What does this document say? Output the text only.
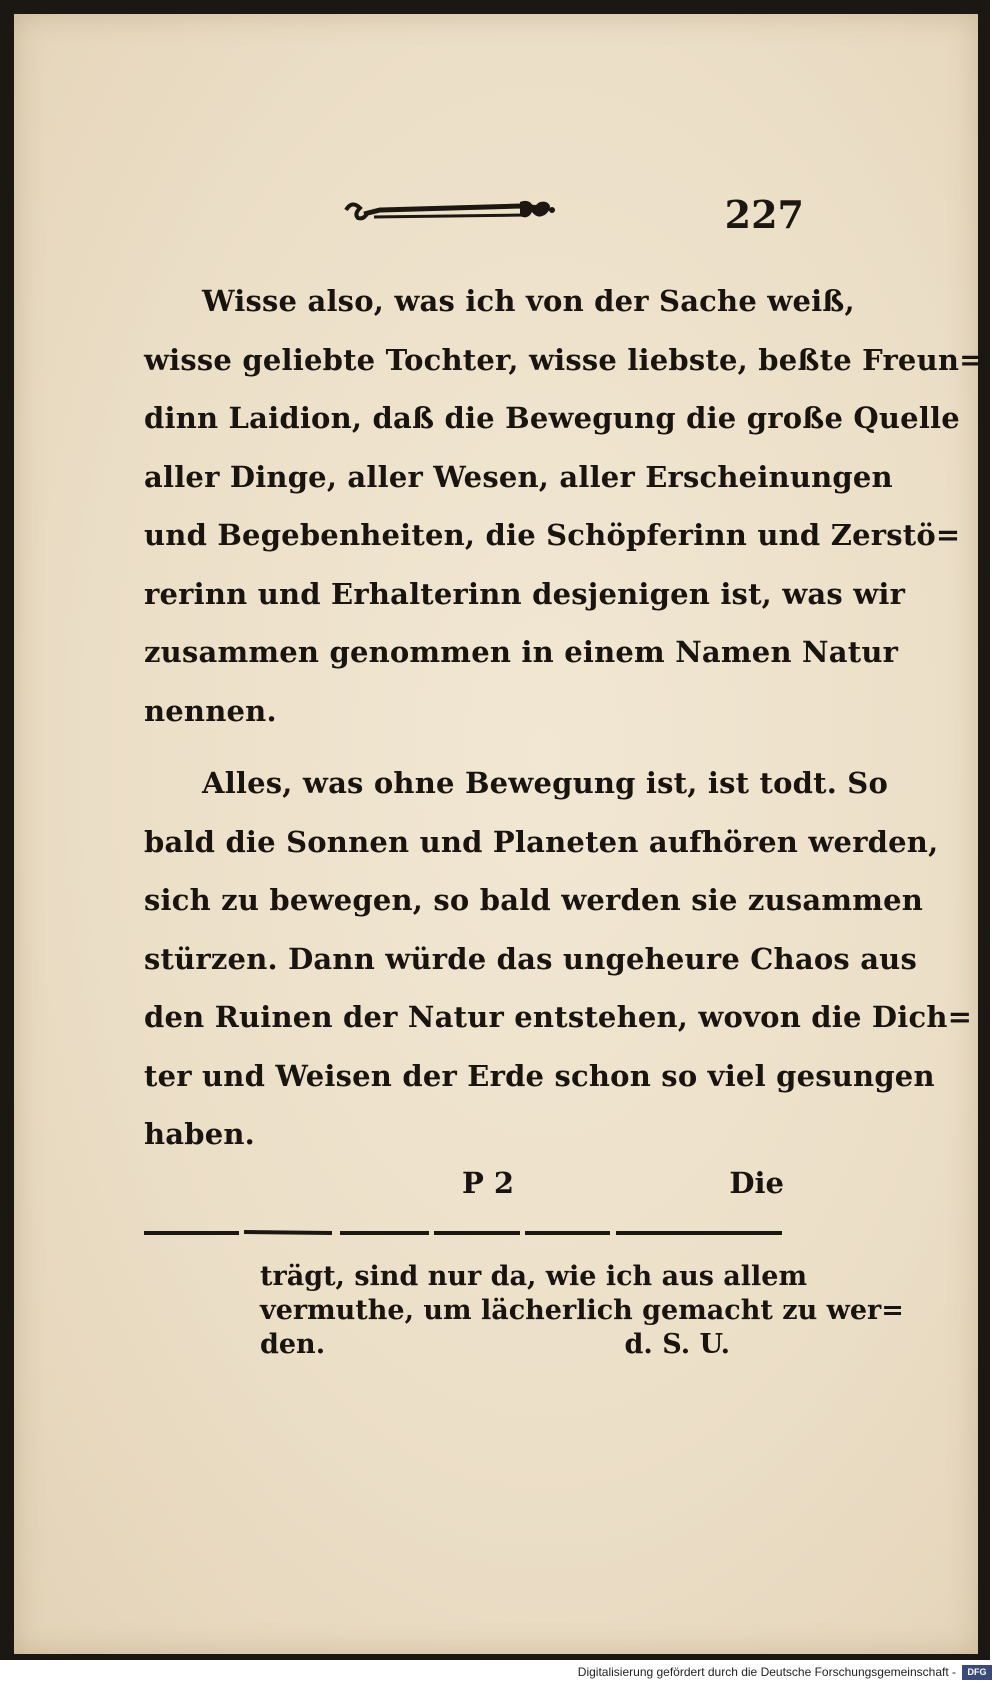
227
Wisse also, was ich von der Sache weiß,
wisse geliebte Tochter, wisse liebste, beßte Freun=
dinn Laidion, daß die Bewegung die große Quelle
aller Dinge, aller Wesen, aller Erscheinungen
und Begebenheiten, die Schöpferinn und Zerstö=
rerinn und Erhalterinn desjenigen ist, was wir
zusammen genommen in einem Namen Natur
nennen.
Alles, was ohne Bewegung ist, ist todt. So
bald die Sonnen und Planeten aufhören werden,
sich zu bewegen, so bald werden sie zusammen
stürzen. Dann würde das ungeheure Chaos aus
den Ruinen der Natur entstehen, wovon die Dich=
ter und Weisen der Erde schon so viel gesungen
haben.
P 2	Die
trägt, sind nur da, wie ich aus allem
vermuthe, um lächerlich gemacht zu wer=
den.	d. S. U.
Digitalisierung gefördert durch die Deutsche Forschungsgemeinschaft -	DFG
